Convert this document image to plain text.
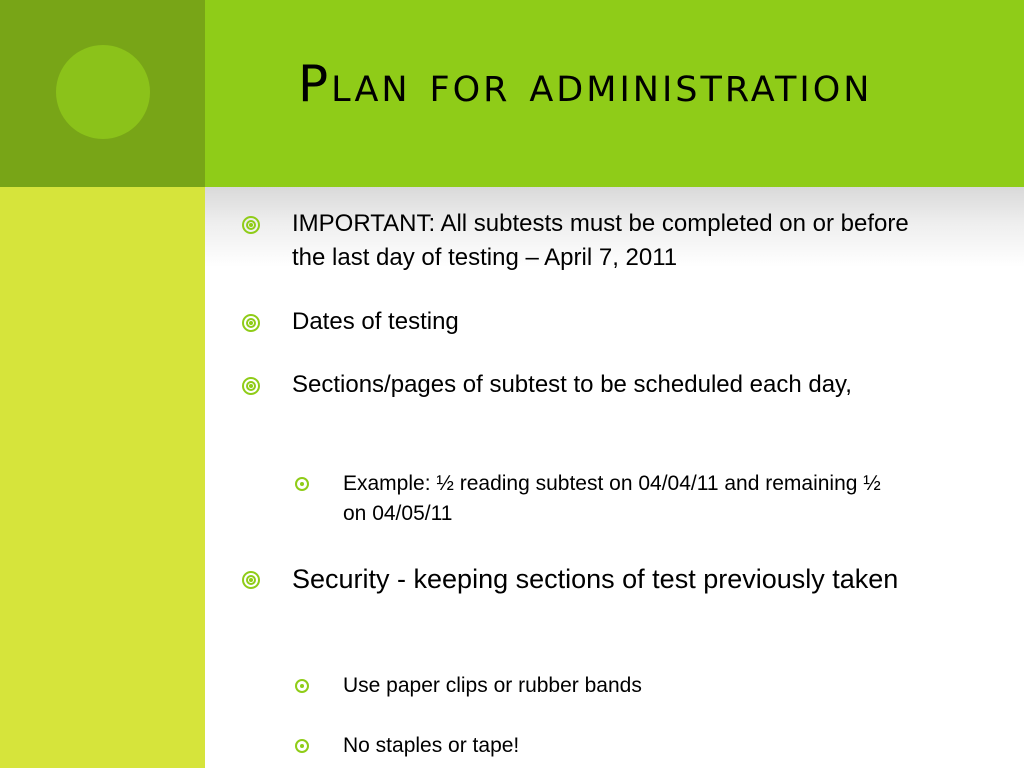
Plan for administration
IMPORTANT: All subtests must be completed on or before the last day of testing – April 7, 2011
Dates of testing
Sections/pages of subtest to be scheduled each day,
Example: ½ reading subtest on 04/04/11 and remaining ½ on 04/05/11
Security - keeping sections of test previously taken
Use paper clips or rubber bands
No staples or tape!
